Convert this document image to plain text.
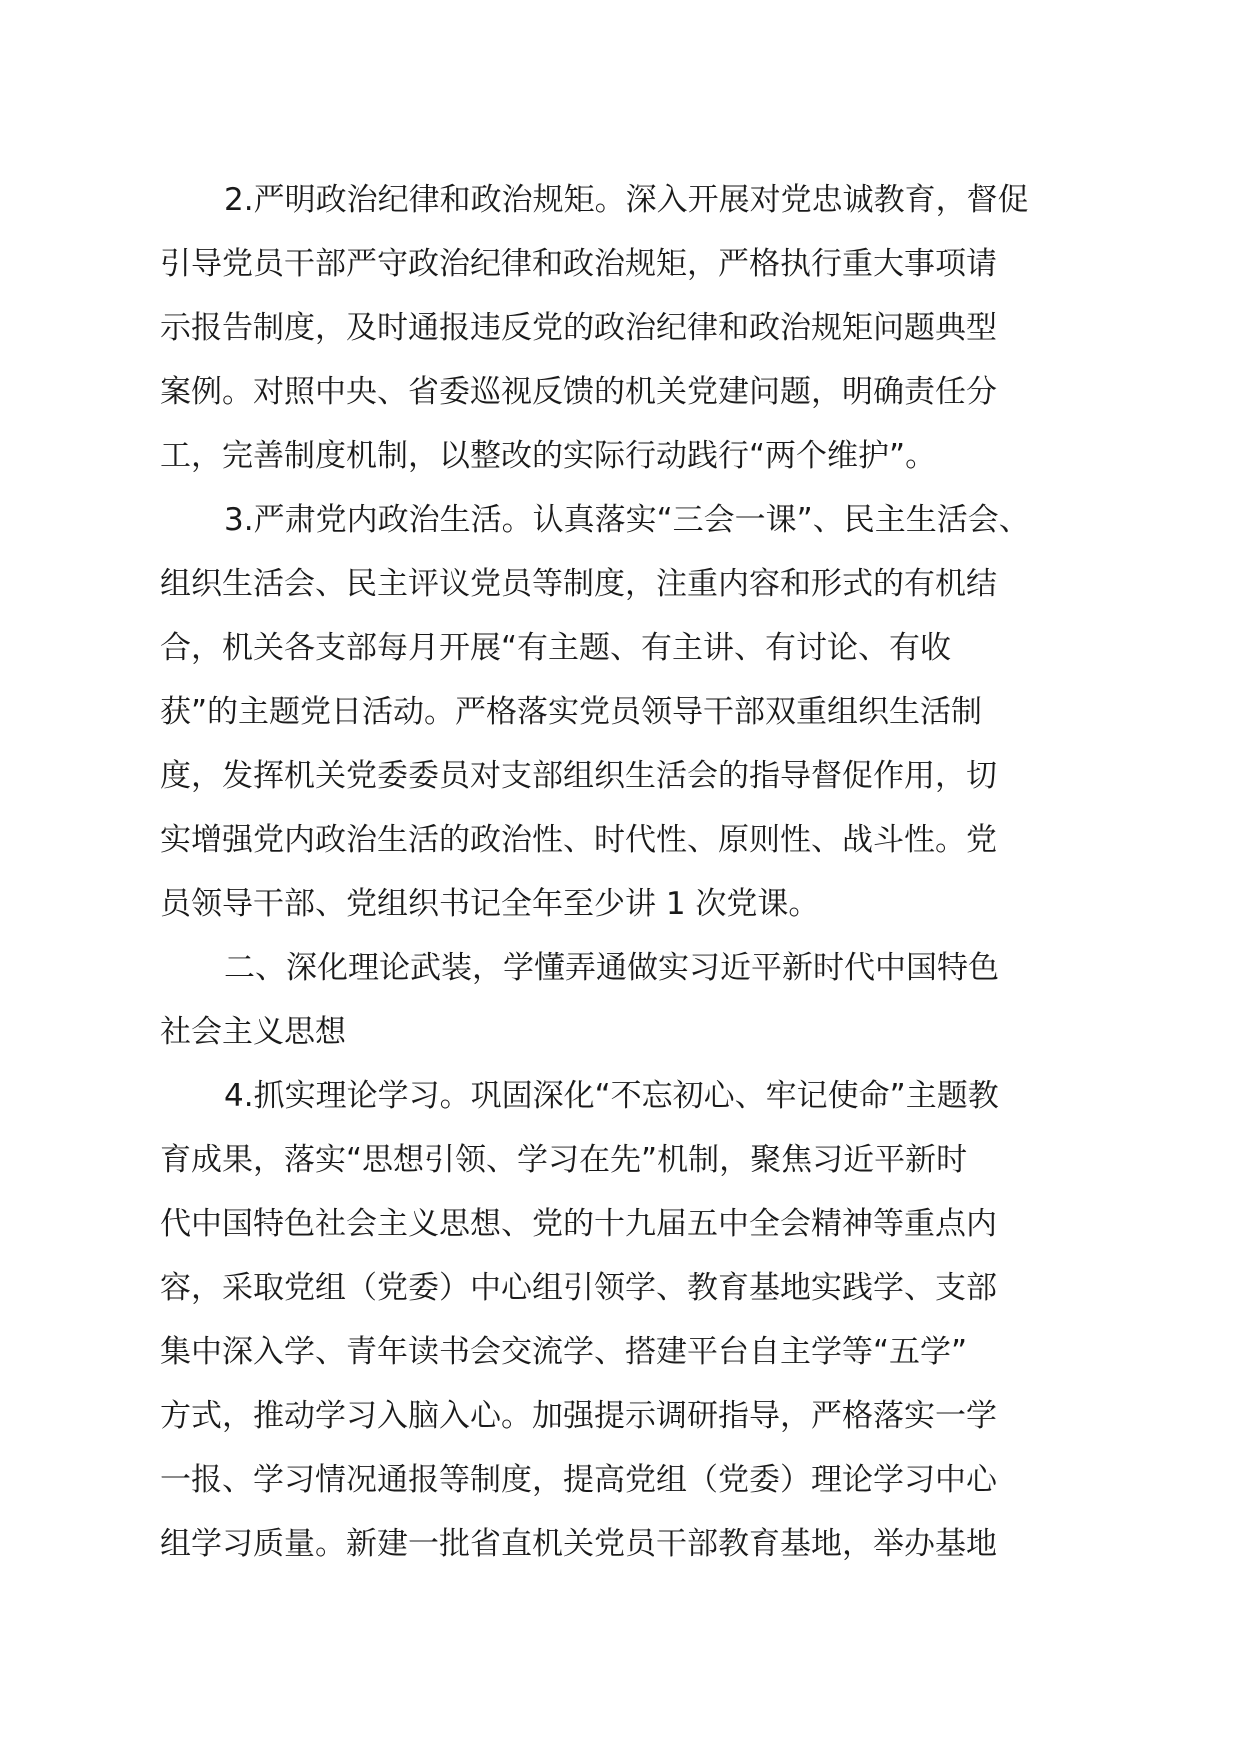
2.严明政治纪律和政治规矩。深入开展对党忠诚教育，督促
引导党员干部严守政治纪律和政治规矩，严格执行重大事项请
示报告制度，及时通报违反党的政治纪律和政治规矩问题典型
案例。对照中央、省委巡视反馈的机关党建问题，明确责任分
工，完善制度机制，以整改的实际行动践行“两个维护”。
3.严肃党内政治生活。认真落实“三会一课”、民主生活会、
组织生活会、民主评议党员等制度，注重内容和形式的有机结
合，机关各支部每月开展“有主题、有主讲、有讨论、有收
获”的主题党日活动。严格落实党员领导干部双重组织生活制
度，发挥机关党委委员对支部组织生活会的指导督促作用，切
实增强党内政治生活的政治性、时代性、原则性、战斗性。党
员领导干部、党组织书记全年至少讲 1 次党课。
二、深化理论武装，学懂弄通做实习近平新时代中国特色
社会主义思想
4.抓实理论学习。巩固深化“不忘初心、牢记使命”主题教
育成果，落实“思想引领、学习在先”机制，聚焦习近平新时
代中国特色社会主义思想、党的十九届五中全会精神等重点内
容，采取党组（党委）中心组引领学、教育基地实践学、支部
集中深入学、青年读书会交流学、搭建平台自主学等“五学”
方式，推动学习入脑入心。加强提示调研指导，严格落实一学
一报、学习情况通报等制度，提高党组（党委）理论学习中心
组学习质量。新建一批省直机关党员干部教育基地，举办基地
